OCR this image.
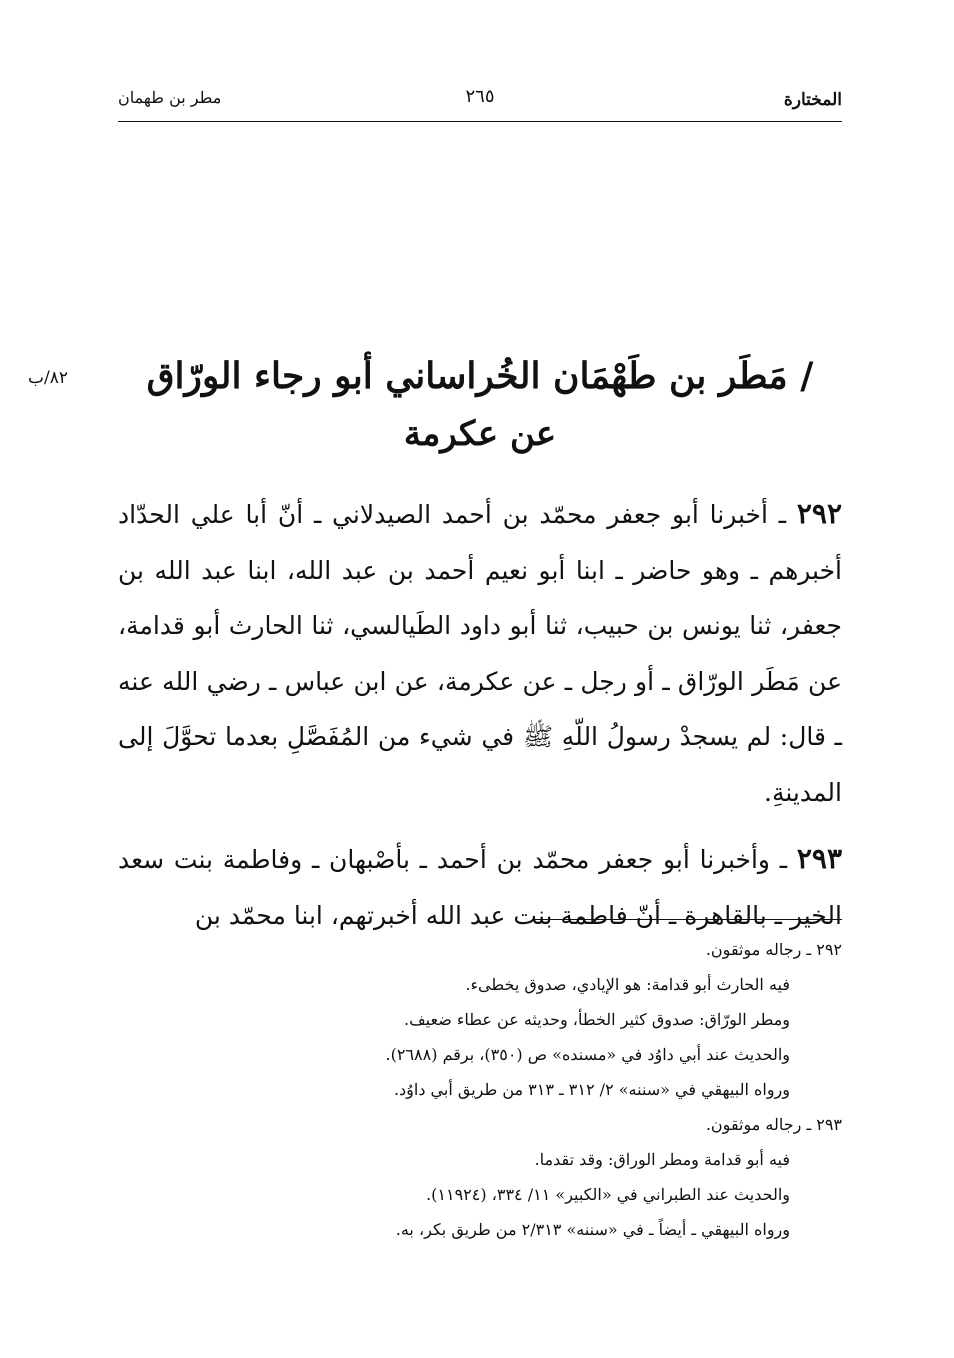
المختارة
٢٦٥
مطر بن طهمان
٨٢/ب	/ مَطَر بن طَهْمَان الخُراساني أبو رجاء الورّاق
عن عكرمة

٢٩٢ ـ أخبرنا أبو جعفر محمّد بن أحمد الصيدلاني ـ أنّ أبا علي الحدّاد أخبرهم ـ وهو حاضر ـ ابنا أبو نعيم أحمد بن عبد الله، ابنا عبد الله بن جعفر، ثنا يونس بن حبيب، ثنا أبو داود الطَيالسي، ثنا الحارث أبو قدامة، عن مَطَر الورّاق ـ أو رجل ـ عن عكرمة، عن ابن عباس ـ رضي الله عنه ـ قال: لم يسجدْ رسولُ اللّهِ ﷺ في شيء من المُفَصَّلِ بعدما تحوَّلَ إلى المدينةِ.

٢٩٣ ـ وأخبرنا أبو جعفر محمّد بن أحمد ـ بأصْبهان ـ وفاطمة بنت سعد الخير ـ بالقاهرة ـ أنّ فاطمة بنت عبد الله أخبرتهم، ابنا محمّد بن

٢٩٢ ـ رجاله موثقون.
فيه الحارث أبو قدامة: هو الإيادي، صدوق يخطىء.
ومطر الورّاق: صدوق كثير الخطأ، وحديثه عن عطاء ضعيف.
والحديث عند أبي داوُد في «مسنده» ص (٣٥٠)، برقم (٢٦٨٨).
ورواه البيهقي في «سننه» ٢/ ٣١٢ ـ ٣١٣ من طريق أبي داوُد.
٢٩٣ ـ رجاله موثقون.
فيه أبو قدامة ومطر الوراق: وقد تقدما.
والحديث عند الطبراني في «الكبير» ١١/ ٣٣٤، (١١٩٢٤).
ورواه البيهقي ـ أيضاً ـ في «سننه» ٢/٣١٣ من طريق بكر، به.
